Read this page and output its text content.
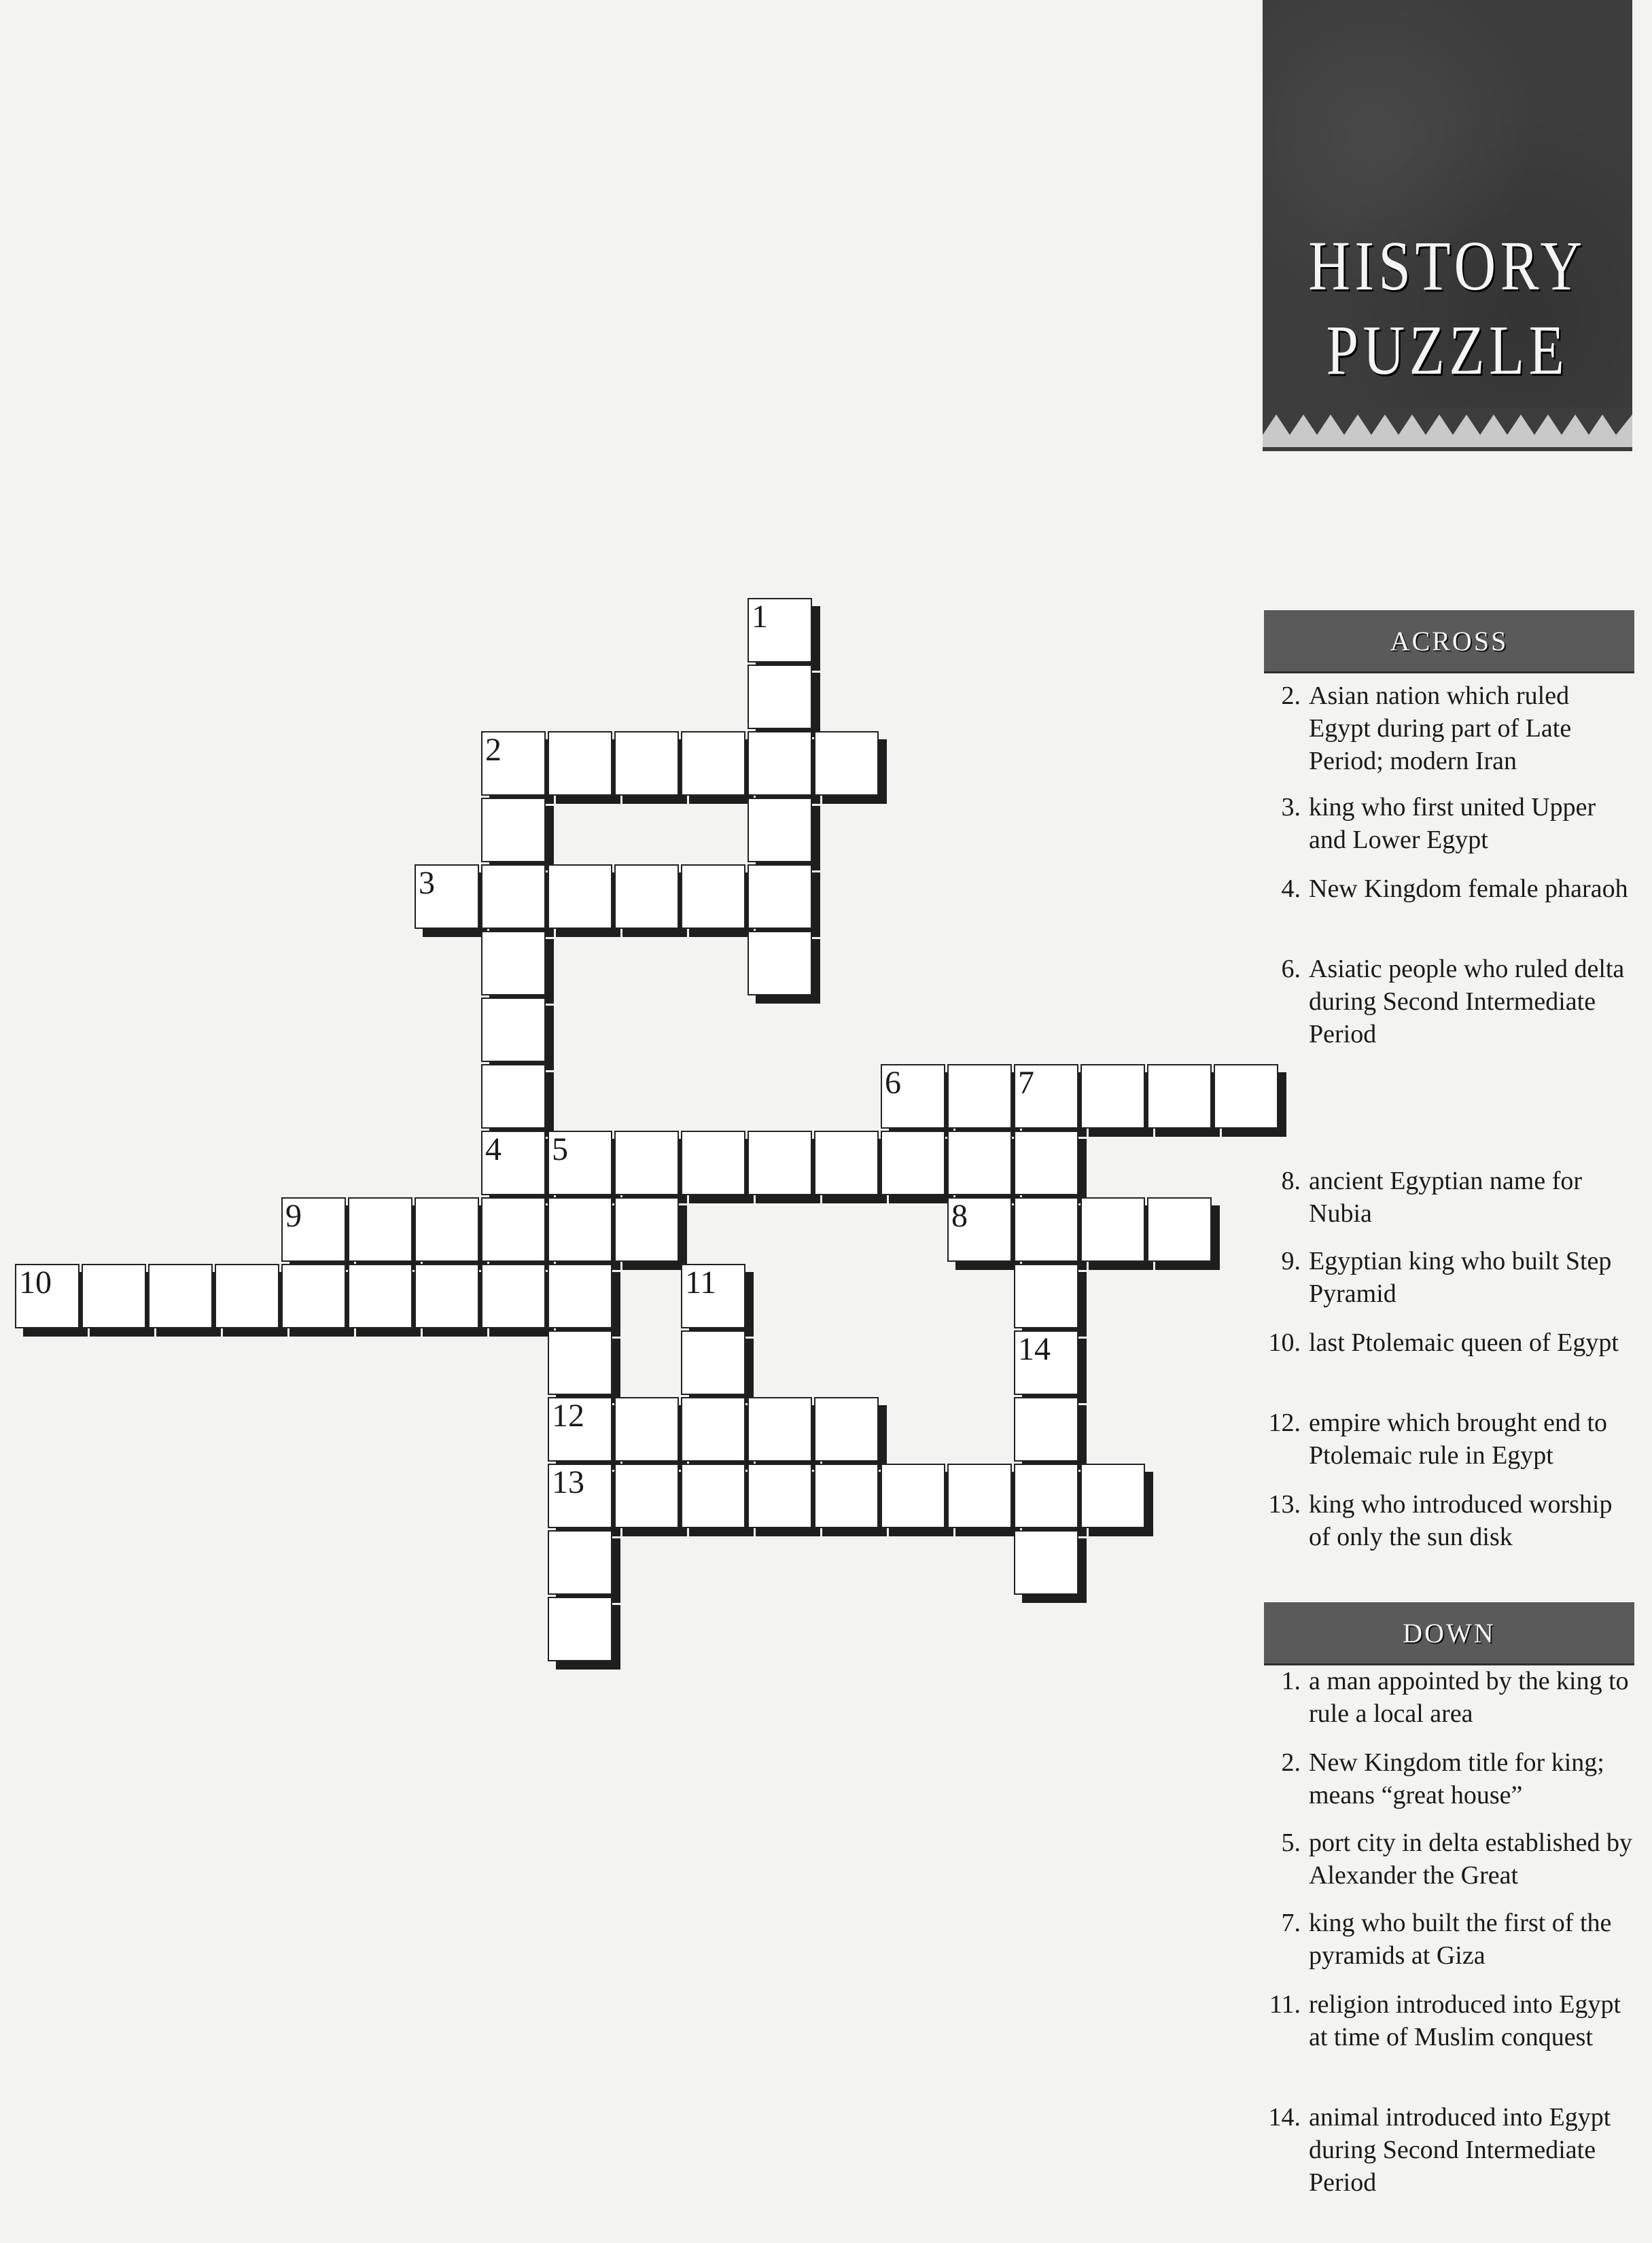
HISTORY
PUZZLE
ACROSS
2. Asian nation which ruled Egypt during part of Late Period; modern Iran
3. king who first united Upper and Lower Egypt
4. New Kingdom female pharaoh
6. Asiatic people who ruled delta during Second Intermediate Period
8. ancient Egyptian name for Nubia
9. Egyptian king who built Step Pyramid
10. last Ptolemaic queen of Egypt
12. empire which brought end to Ptolemaic rule in Egypt
13. king who introduced worship of only the sun disk
DOWN
1. a man appointed by the king to rule a local area
2. New Kingdom title for king; means “great house”
5. port city in delta established by Alexander the Great
7. king who built the first of the pyramids at Giza
11. religion introduced into Egypt at time of Muslim conquest
14. animal introduced into Egypt during Second Intermediate Period
1
2
3
4 5
6	7
8
9
10	11
12
13
14
